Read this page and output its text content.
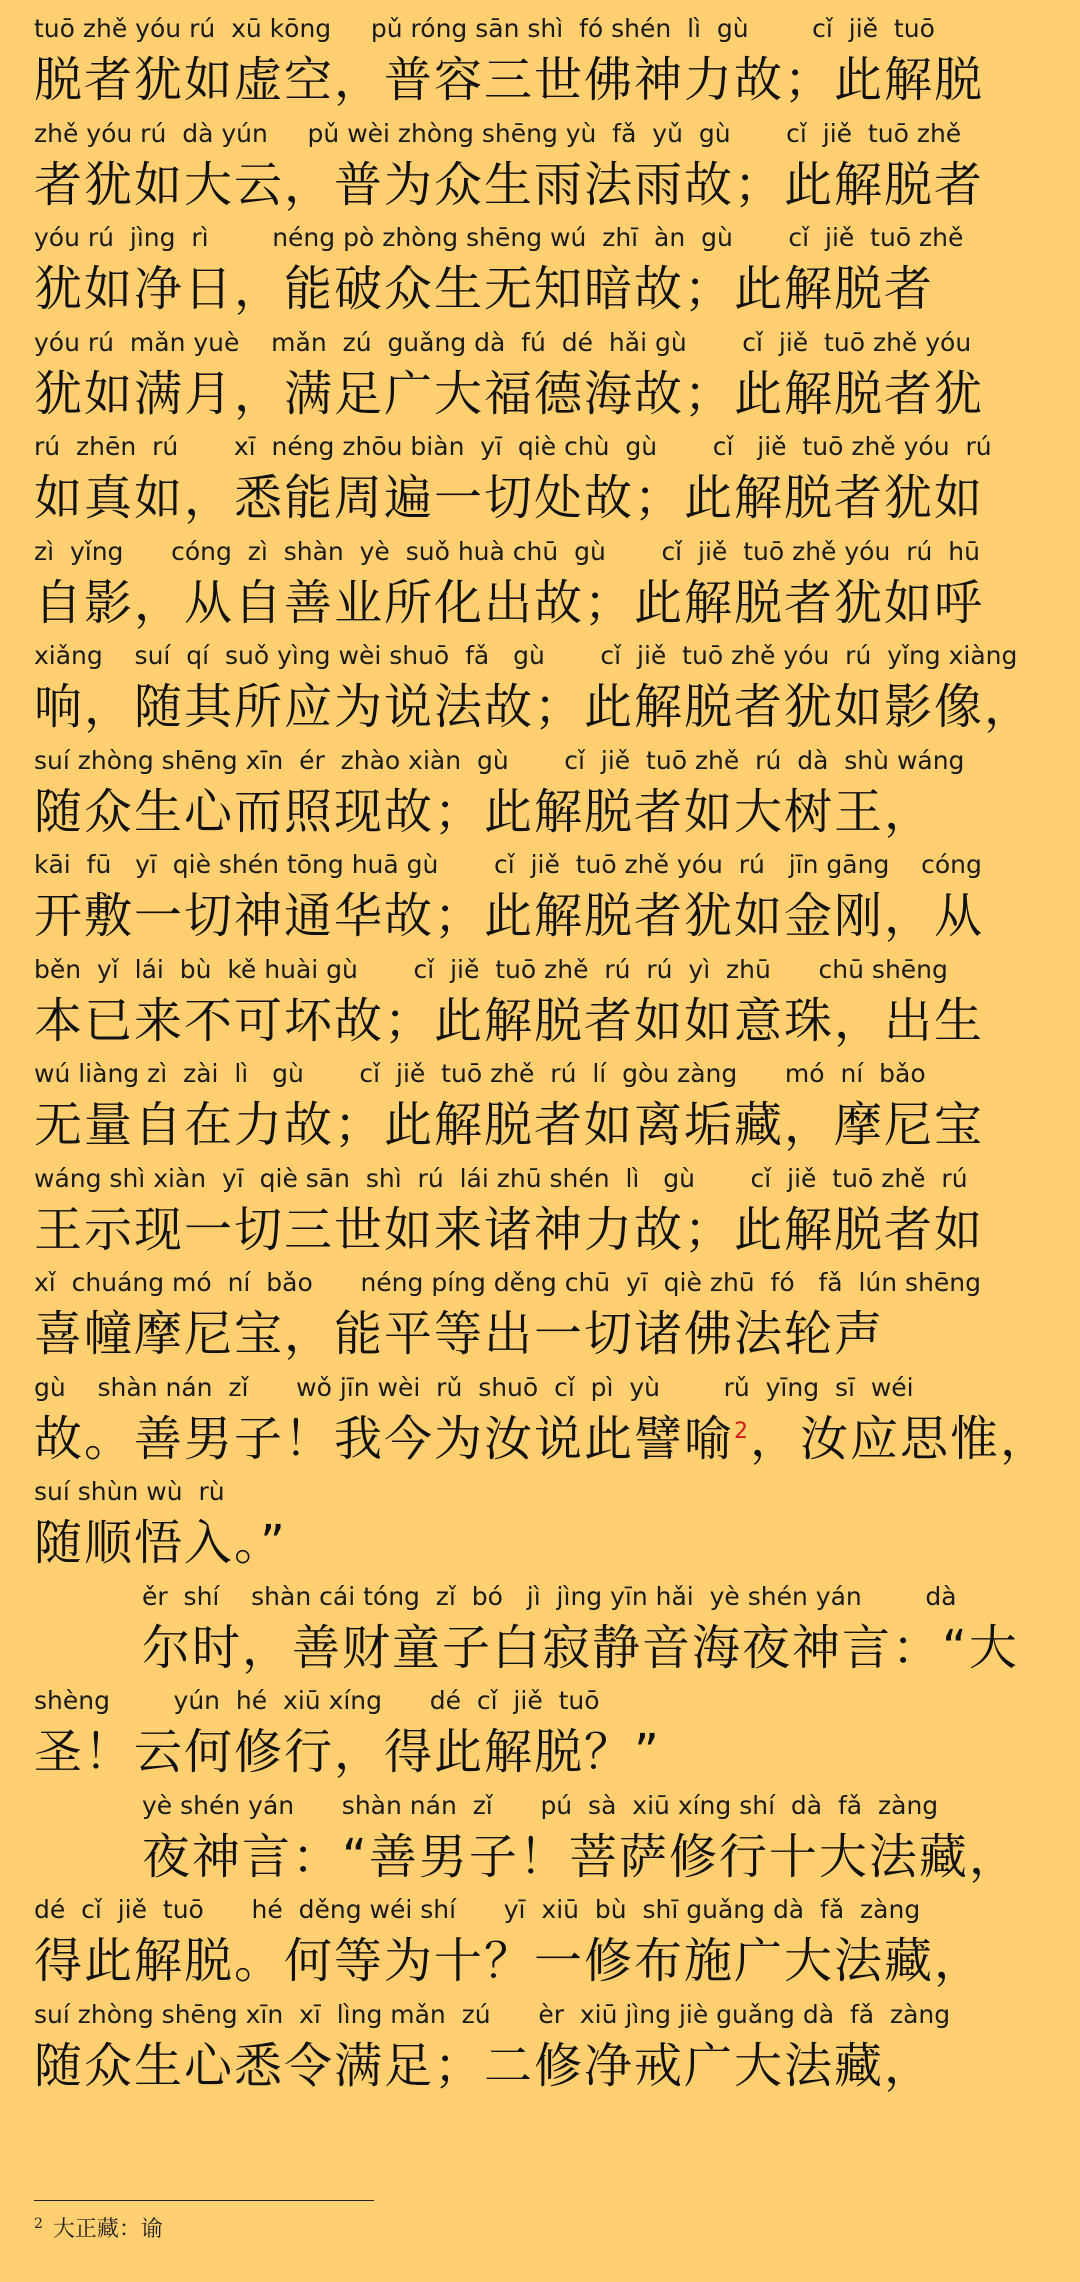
tuō zhě yóu rú  xū kōng     pǔ róng sān shì  fó shén  lì  gù        cǐ  jiě  tuō
脱者犹如虚空，普容三世佛神力故；此解脱
zhě yóu rú  dà yún     pǔ wèi zhòng shēng yù  fǎ  yǔ  gù       cǐ  jiě  tuō zhě
者犹如大云，普为众生雨法雨故；此解脱者
yóu rú  jìng  rì        néng pò zhòng shēng wú  zhī  àn  gù       cǐ  jiě  tuō zhě
犹如净日，能破众生无知暗故；此解脱者
yóu rú  mǎn yuè    mǎn  zú  guǎng dà  fú  dé  hǎi gù       cǐ  jiě  tuō zhě yóu
犹如满月，满足广大福德海故；此解脱者犹
rú  zhēn  rú       xī  néng zhōu biàn  yī  qiè chù  gù       cǐ   jiě  tuō zhě yóu  rú
如真如，悉能周遍一切处故；此解脱者犹如
zì  yǐng      cóng  zì  shàn  yè  suǒ huà chū  gù       cǐ  jiě  tuō zhě yóu  rú  hū
自影，从自善业所化出故；此解脱者犹如呼
xiǎng    suí  qí  suǒ yìng wèi shuō  fǎ   gù       cǐ  jiě  tuō zhě yóu  rú  yǐng xiàng
响，随其所应为说法故；此解脱者犹如影像，
suí zhòng shēng xīn  ér  zhào xiàn  gù       cǐ  jiě  tuō zhě  rú  dà  shù wáng
随众生心而照现故；此解脱者如大树王，
kāi  fū   yī  qiè shén tōng huā gù       cǐ  jiě  tuō zhě yóu  rú   jīn gāng    cóng
开敷一切神通华故；此解脱者犹如金刚，从
běn  yǐ  lái  bù  kě huài gù       cǐ  jiě  tuō zhě  rú  rú  yì  zhū      chū shēng
本已来不可坏故；此解脱者如如意珠，出生
wú liàng zì  zài  lì   gù       cǐ  jiě  tuō zhě  rú  lí  gòu zàng      mó  ní  bǎo
无量自在力故；此解脱者如离垢藏，摩尼宝
wáng shì xiàn  yī  qiè sān  shì  rú  lái zhū shén  lì   gù       cǐ  jiě  tuō zhě  rú
王示现一切三世如来诸神力故；此解脱者如
xǐ  chuáng mó  ní  bǎo      néng píng děng chū  yī  qiè zhū  fó   fǎ  lún shēng
喜幢摩尼宝，能平等出一切诸佛法轮声
gù    shàn nán  zǐ      wǒ jīn wèi  rǔ  shuō  cǐ  pì  yù        rǔ  yīng  sī  wéi
故。善男子！我今为汝说此譬喻$^2$，汝应思惟，
suí shùn wù  rù
随顺悟入。”
ěr  shí    shàn cái tóng  zǐ  bó   jì  jìng yīn hǎi  yè shén yán        dà
尔时，善财童子白寂静音海夜神言：“大
shèng        yún  hé  xiū xíng      dé  cǐ  jiě  tuō
圣！云何修行，得此解脱？”
yè shén yán      shàn nán  zǐ      pú  sà  xiū xíng shí  dà  fǎ  zàng
夜神言：“善男子！菩萨修行十大法藏，
dé  cǐ  jiě  tuō      hé  děng wéi shí      yī  xiū  bù  shī guǎng dà  fǎ  zàng
得此解脱。何等为十？一修布施广大法藏，
suí zhòng shēng xīn  xī  lìng mǎn  zú      èr  xiū jìng jiè guǎng dà  fǎ  zàng
随众生心悉令满足；二修净戒广大法藏，
$^2$ 大正藏：谕
